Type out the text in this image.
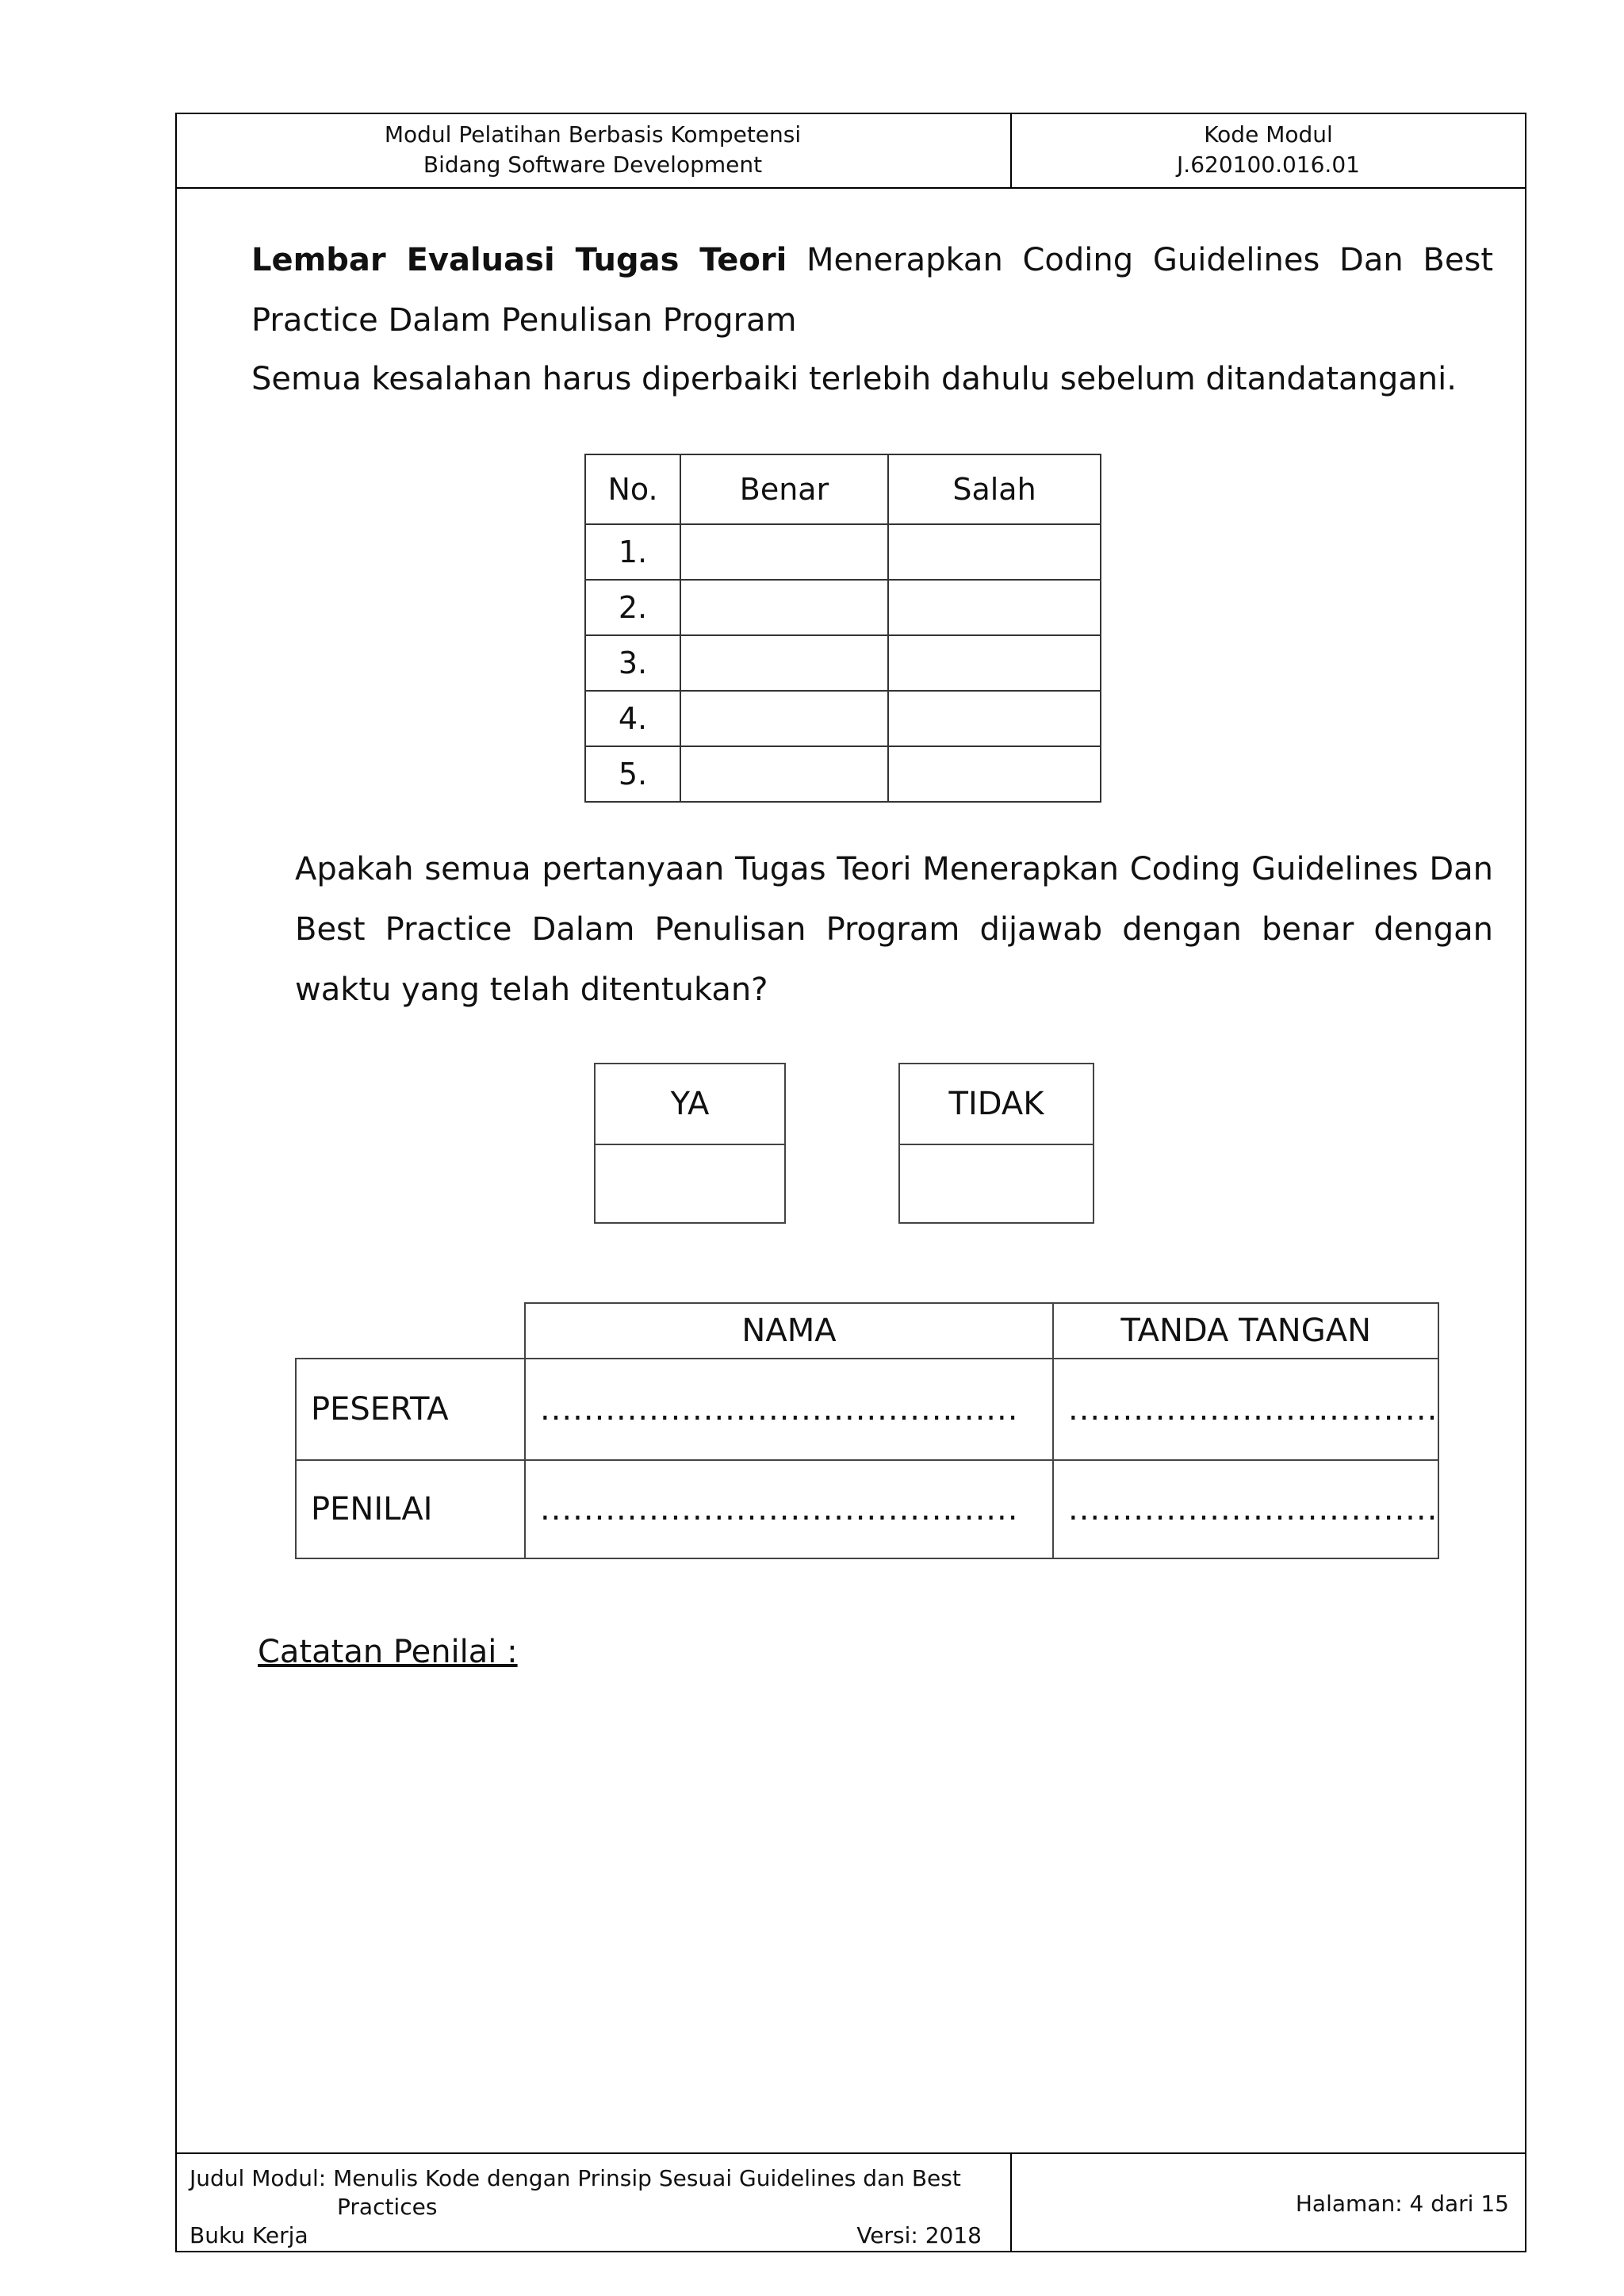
Modul Pelatihan Berbasis Kompetensi
Bidang Software Development
Kode Modul
J.620100.016.01
Lembar Evaluasi Tugas Teori Menerapkan Coding Guidelines Dan Best Practice Dalam Penulisan Program
Semua kesalahan harus diperbaiki terlebih dahulu sebelum ditandatangani.
No.	Benar	Salah
1.		
2.		
3.		
4.		
5.		
Apakah semua pertanyaan Tugas Teori Menerapkan Coding Guidelines Dan Best Practice Dalam Penulisan Program dijawab dengan benar dengan waktu yang telah ditentukan?
YA	TIDAK
	NAMA	TANDA TANGAN
PESERTA	............................................	..................................
PENILAI	............................................	..................................
Catatan Penilai :
Judul Modul: Menulis Kode dengan Prinsip Sesuai Guidelines dan Best
Practices
Buku Kerja	Versi: 2018
Halaman: 4 dari 15
